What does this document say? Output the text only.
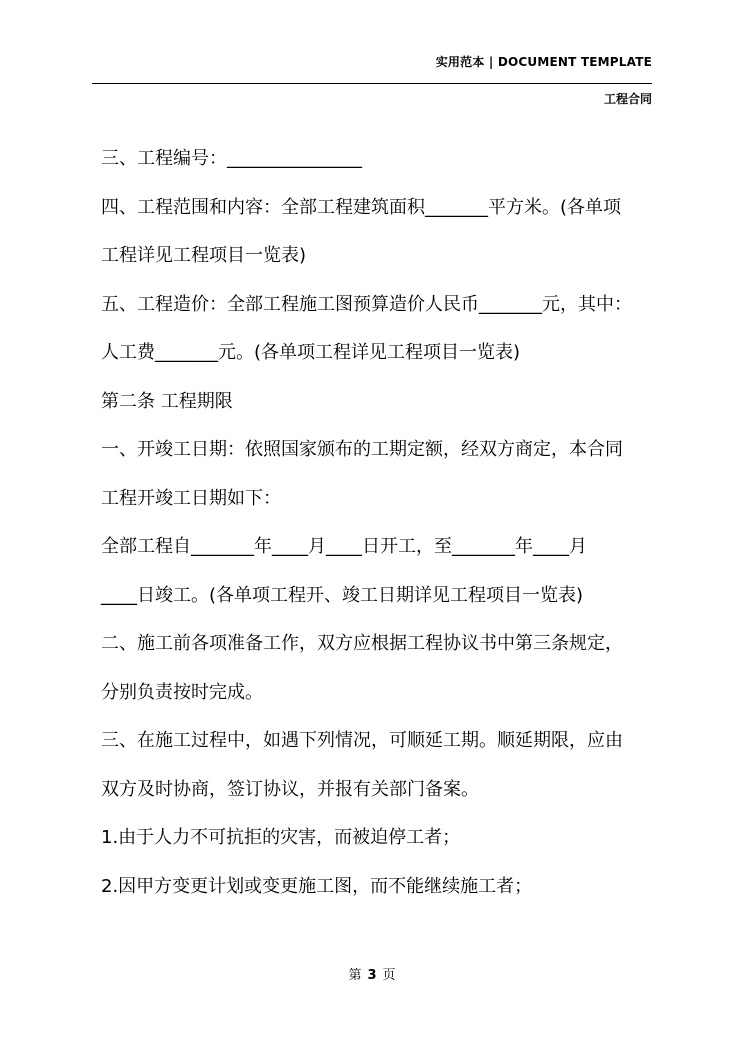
实用范本 | DOCUMENT TEMPLATE
工程合同

三、工程编号：_______________

四、工程范围和内容：全部工程建筑面积_______平方米。(各单项

工程详见工程项目一览表)

五、工程造价：全部工程施工图预算造价人民币_______元，其中：

人工费_______元。(各单项工程详见工程项目一览表)

第二条 工程期限

一、开竣工日期：依照国家颁布的工期定额，经双方商定，本合同

工程开竣工日期如下：

全部工程自_______年____月____日开工，至_______年____月

____日竣工。(各单项工程开、竣工日期详见工程项目一览表)

二、施工前各项准备工作，双方应根据工程协议书中第三条规定，

分别负责按时完成。

三、在施工过程中，如遇下列情况，可顺延工期。顺延期限，应由

双方及时协商，签订协议，并报有关部门备案。

1.由于人力不可抗拒的灾害，而被迫停工者；

2.因甲方变更计划或变更施工图，而不能继续施工者；

第 3 页
